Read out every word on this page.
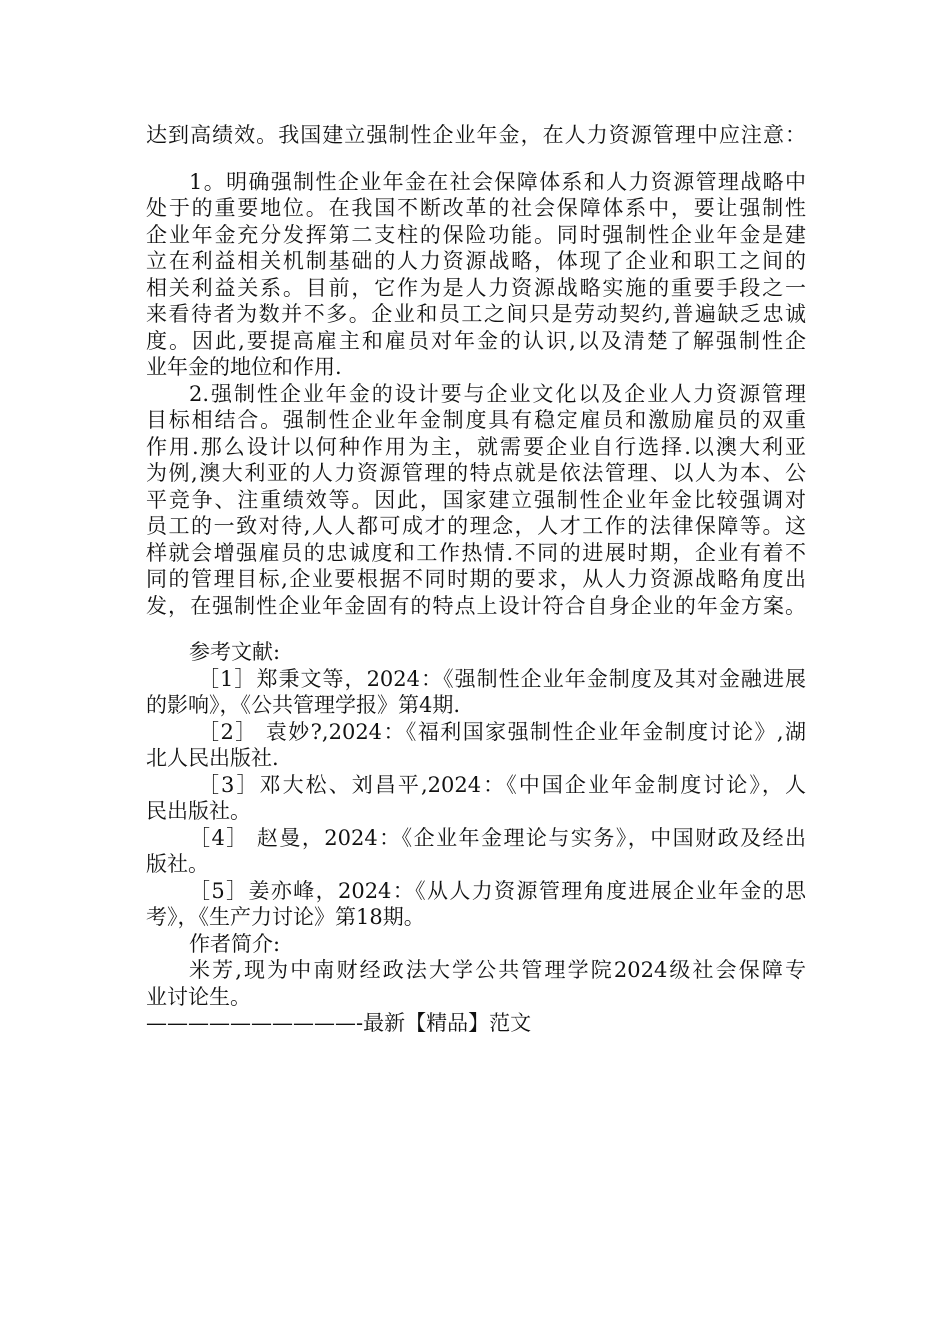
达到高绩效。我国建立强制性企业年金，在人力资源管理中应注意：
1。明确强制性企业年金在社会保障体系和人力资源管理战略中
处于的重要地位。在我国不断改革的社会保障体系中，要让强制性
企业年金充分发挥第二支柱的保险功能。同时强制性企业年金是建
立在利益相关机制基础的人力资源战略，体现了企业和职工之间的
相关利益关系。目前，它作为是人力资源战略实施的重要手段之一
来看待者为数并不多。企业和员工之间只是劳动契约,普遍缺乏忠诚
度。因此,要提高雇主和雇员对年金的认识,以及清楚了解强制性企
业年金的地位和作用.
2.强制性企业年金的设计要与企业文化以及企业人力资源管理
目标相结合。强制性企业年金制度具有稳定雇员和激励雇员的双重
作用.那么设计以何种作用为主，就需要企业自行选择.以澳大利亚
为例,澳大利亚的人力资源管理的特点就是依法管理、以人为本、公
平竞争、注重绩效等。因此，国家建立强制性企业年金比较强调对
员工的一致对待,人人都可成才的理念，人才工作的法律保障等。这
样就会增强雇员的忠诚度和工作热情.不同的进展时期，企业有着不
同的管理目标,企业要根据不同时期的要求，从人力资源战略角度出
发，在强制性企业年金固有的特点上设计符合自身企业的年金方案。
参考文献:
［1］郑秉文等，2024：《强制性企业年金制度及其对金融进展
的影响》，《公共管理学报》第4期.
［2］ 袁妙?,2024：《福利国家强制性企业年金制度讨论》,湖
北人民出版社.
［3］邓大松、刘昌平,2024：《中国企业年金制度讨论》，人
民出版社。
［4］ 赵曼，2024：《企业年金理论与实务》，中国财政及经出
版社。
［5］姜亦峰，2024：《从人力资源管理角度进展企业年金的思
考》，《生产力讨论》第18期。
作者简介:
米芳,现为中南财经政法大学公共管理学院2024级社会保障专
业讨论生。
——————————-最新【精品】范文
